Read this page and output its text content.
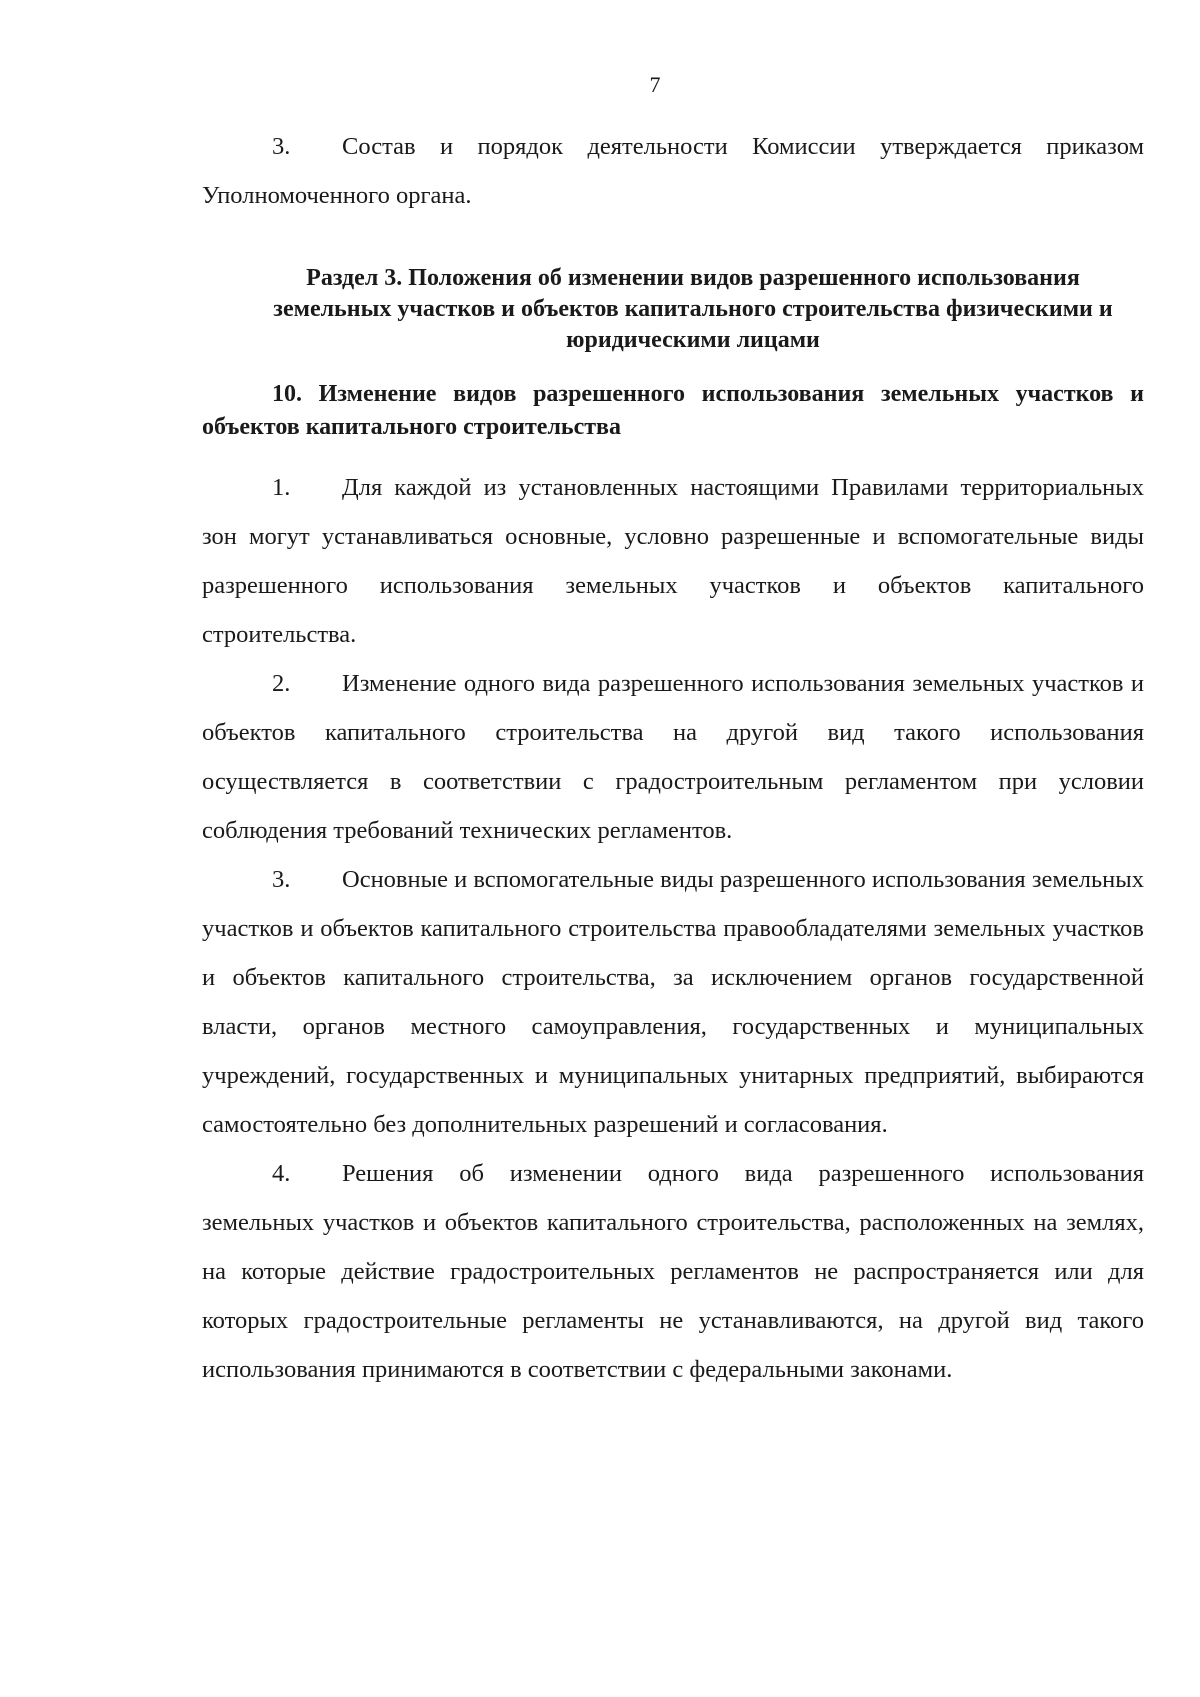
7

3. Состав и порядок деятельности Комиссии утверждается приказом Уполномоченного органа.

Раздел 3. Положения об изменении видов разрешенного использования земельных участков и объектов капитального строительства физическими и юридическими лицами

10. Изменение видов разрешенного использования земельных участков и объектов капитального строительства

1. Для каждой из установленных настоящими Правилами территориальных зон могут устанавливаться основные, условно разрешенные и вспомогательные виды разрешенного использования земельных участков и объектов капитального строительства.

2. Изменение одного вида разрешенного использования земельных участков и объектов капитального строительства на другой вид такого использования осуществляется в соответствии с градостроительным регламентом при условии соблюдения требований технических регламентов.

3. Основные и вспомогательные виды разрешенного использования земельных участков и объектов капитального строительства правообладателями земельных участков и объектов капитального строительства, за исключением органов государственной власти, органов местного самоуправления, государственных и муниципальных учреждений, государственных и муниципальных унитарных предприятий, выбираются самостоятельно без дополнительных разрешений и согласования.

4. Решения об изменении одного вида разрешенного использования земельных участков и объектов капитального строительства, расположенных на землях, на которые действие градостроительных регламентов не распространяется или для которых градостроительные регламенты не устанавливаются, на другой вид такого использования принимаются в соответствии с федеральными законами.
